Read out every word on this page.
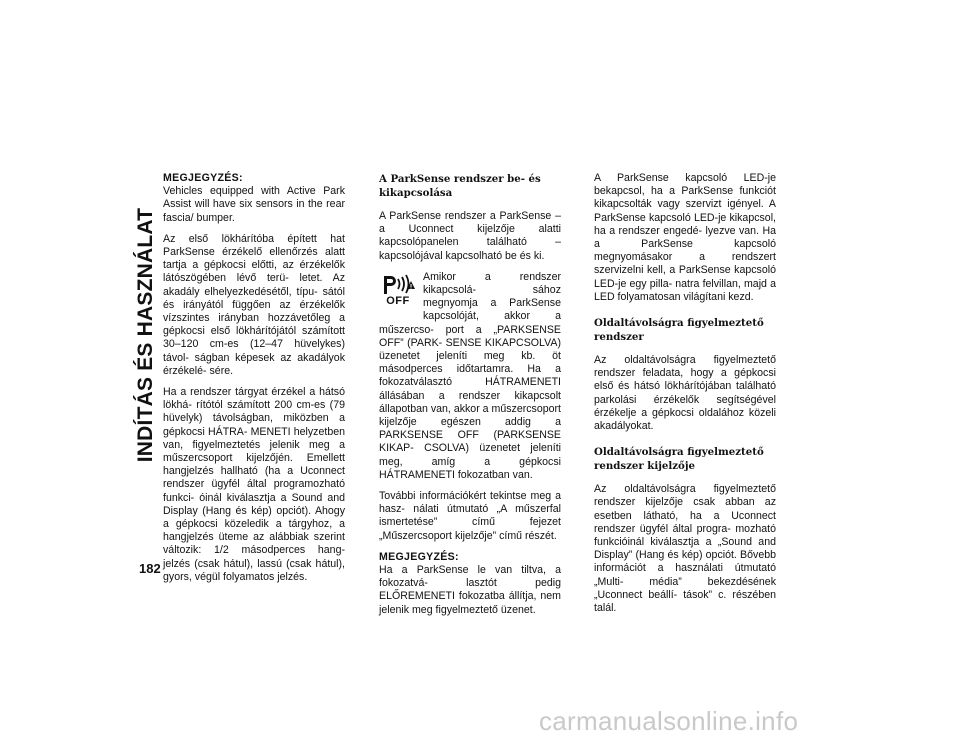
INDÍTÁS ÉS HASZNÁLAT

MEGJEGYZÉS:

Vehicles equipped with Active Park Assist will have six sensors in the rear fascia/ bumper.

Az első lökhárítóba épített hat ParkSense érzékelő ellenőrzés alatt tartja a gépkocsi előtti, az érzékelők látószögében lévő terü- letet. Az akadály elhelyezkedésétől, típu- sától és irányától függően az érzékelők vízszintes irányban hozzávetőleg a gépkocsi első lökhárítójától számított 30–120 cm-es (12–47 hüvelykes) távol- ságban képesek az akadályok érzékelé- sére.

Ha a rendszer tárgyat érzékel a hátsó lökhá- rítótól számított 200 cm-es (79 hüvelyk) távolságban, miközben a gépkocsi HÁTRA- MENETI helyzetben van, figyelmeztetés jelenik meg a műszercsoport kijelzőjén. Emellett hangjelzés hallható (ha a Uconnect rendszer ügyfél által programozható funkci- óinál kiválasztja a Sound and Display (Hang és kép) opciót). Ahogy a gépkocsi közeledik a tárgyhoz, a hangjelzés üteme az alábbiak szerint változik: 1/2 másodperces hang- jelzés (csak hátul), lassú (csak hátul), gyors, végül folyamatos jelzés.

A ParkSense rendszer be- és kikapcsolása

A ParkSense rendszer a ParkSense – a Uconnect kijelzője alatti kapcsolópanelen található – kapcsolójával kapcsolható be és ki.

OFF

Amikor a rendszer kikapcsolá- sához megnyomja a ParkSense kapcsolóját, akkor a műszercso- port a „PARKSENSE OFF” (PARK- SENSE KIKAPCSOLVA) üzenetet jeleníti meg kb. öt másodperces időtartamra. Ha a fokozatválasztó HÁTRAMENETI állásában a rendszer kikapcsolt állapotban van, akkor a műszercsoport kijelzője egészen addig a PARKSENSE OFF (PARKSENSE KIKAP- CSOLVA) üzenetet jeleníti meg, amíg a gépkocsi HÁTRAMENETI fokozatban van.

További információkért tekintse meg a hasz- nálati útmutató „A műszerfal ismertetése” című fejezet „Műszercsoport kijelzője” című részét.

MEGJEGYZÉS:

Ha a ParkSense le van tiltva, a fokozatvá- lasztót pedig ELŐREMENETI fokozatba állítja, nem jelenik meg figyelmeztető üzenet.

A ParkSense kapcsoló LED-je bekapcsol, ha a ParkSense funkciót kikapcsolták vagy szervizt igényel. A ParkSense kapcsoló LED-je kikapcsol, ha a rendszer engedé- lyezve van. Ha a ParkSense kapcsoló megnyomásakor a rendszert szervizelni kell, a ParkSense kapcsoló LED-je egy pilla- natra felvillan, majd a LED folyamatosan világítani kezd.

Oldaltávolságra figyelmeztető rendszer

Az oldaltávolságra figyelmeztető rendszer feladata, hogy a gépkocsi első és hátsó lökhárítójában található parkolási érzékelők segítségével érzékelje a gépkocsi oldalához közeli akadályokat.

Oldaltávolságra figyelmeztető rendszer kijelzője

Az oldaltávolságra figyelmeztető rendszer kijelzője csak abban az esetben látható, ha a Uconnect rendszer ügyfél által progra- mozható funkcióinál kiválasztja a „Sound and Display” (Hang és kép) opciót. Bővebb információt a használati útmutató „Multi- média” bekezdésének „Uconnect beállí- tások” c. részében talál.

182
carmanualsonline.info
